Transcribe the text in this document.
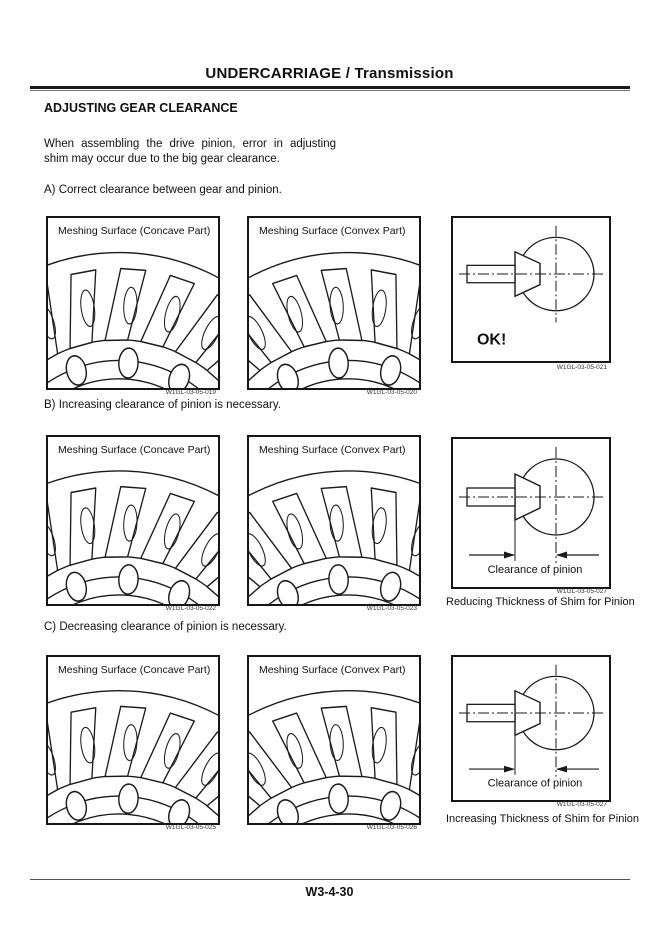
UNDERCARRIAGE / Transmission
ADJUSTING GEAR CLEARANCE
When assembling the drive pinion, error in adjusting shim may occur due to the big gear clearance.
A) Correct clearance between gear and pinion.
Meshing Surface (Concave Part)	Meshing Surface (Convex Part)
OK!
W1GL-03-05-019	W1GL-03-05-020
W1GL-03-05-021
B) Increasing clearance of pinion is necessary.
Meshing Surface (Concave Part)	Meshing Surface (Convex Part)
Clearance of pinion
W1GL-03-05-022	W1GL-03-05-023
W1GL-03-05-027
Reducing Thickness of Shim for Pinion
C) Decreasing clearance of pinion is necessary.
Meshing Surface (Concave Part)	Meshing Surface (Convex Part)
Clearance of pinion
W1GL-03-05-025	W1GL-03-05-026
W1GL-03-05-027
Increasing Thickness of Shim for Pinion
W3-4-30
